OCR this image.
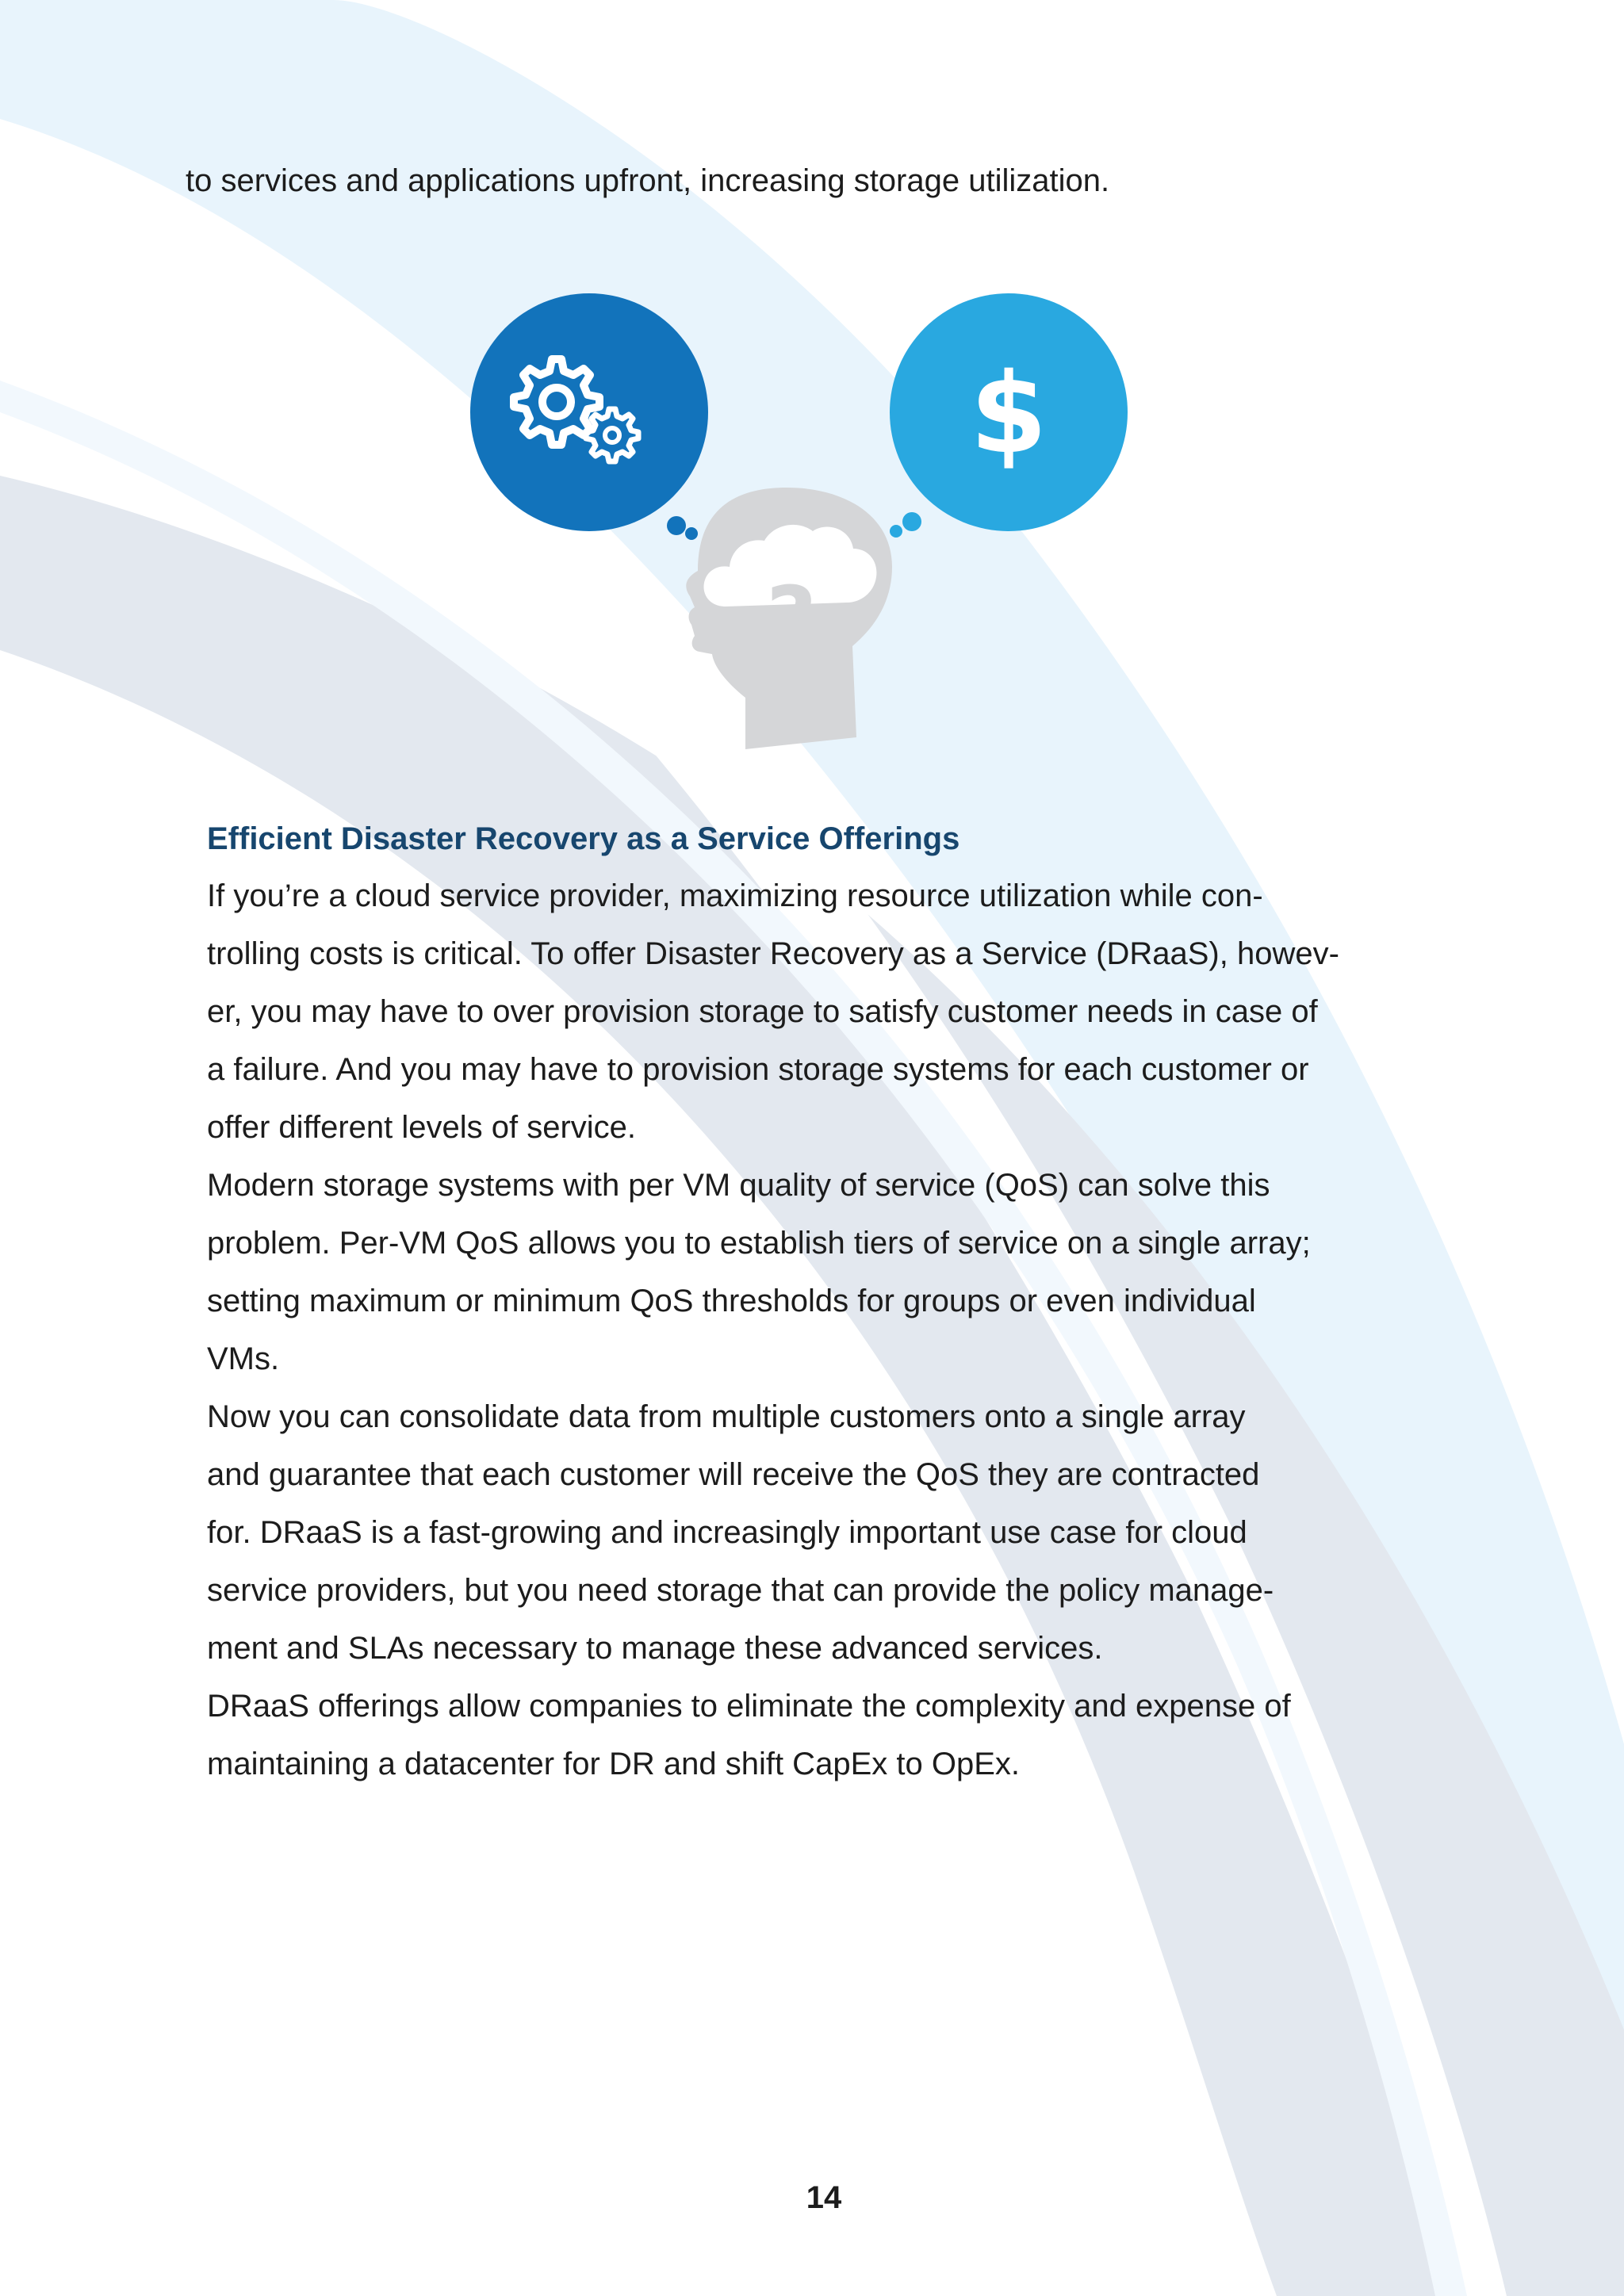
to services and applications upfront, increasing storage utilization.
$
?
Efficient Disaster Recovery as a Service Offerings

If you’re a cloud service provider, maximizing resource utilization while con-

trolling costs is critical. To offer Disaster Recovery as a Service (DRaaS), howev-

er, you may have to over provision storage to satisfy customer needs in case of

a failure. And you may have to provision storage systems for each customer or

offer different levels of service.

Modern storage systems with per VM quality of service (QoS) can solve this

problem. Per-VM QoS allows you to establish tiers of service on a single array;

setting maximum or minimum QoS thresholds for groups or even individual

VMs.

Now you can consolidate data from multiple customers onto a single array

and guarantee that each customer will receive the QoS they are contracted

for. DRaaS is a fast-growing and increasingly important use case for cloud

service providers, but you need storage that can provide the policy manage-

ment and SLAs necessary to manage these advanced services.

DRaaS offerings allow companies to eliminate the complexity and expense of

maintaining a datacenter for DR and shift CapEx to OpEx.

14
